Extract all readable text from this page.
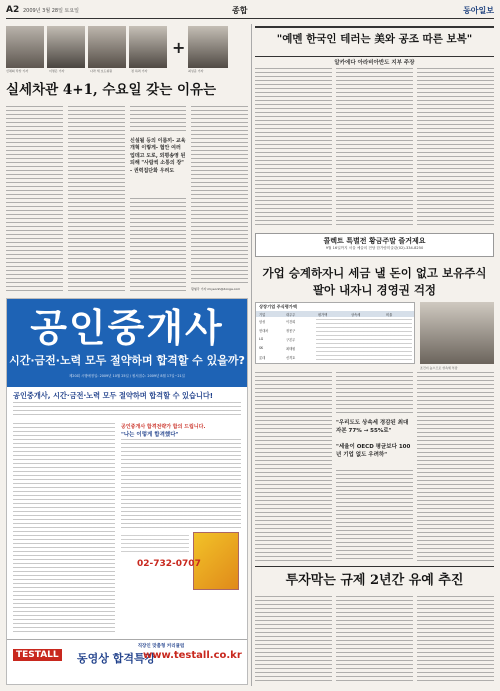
A2 2009년 3월 28일 토요일	종합	동아일보
+
신채희 탁상 기자	이명은 기자	나라 세 보도위원	정 하려 기자	최성준 기자
실세차관 4+1, 수요일 갖는 이유는
신설될 등의 이름끼- 교육개혁 이렇게- 협안 여러 업데고 도로, 외평송영 된 되해 "사람씩 소통의 장" - 권력집단화 우려도
황형각 기자 miyeonh@donga.com
공인중개사
시간·금전·노력 모두 절약하며 합격할 수 있을까?
제20회 시행예정일: 2009년 10월 25일 / 원서접수: 2009년 8월 17일~21일
공인중개사, 시간·금전·노력 모두 절약하며 합격할 수 있습니다!
공인중개사 합격전략가 합의 드립니다.
"나는 이렇게 합격했다"
02-732-0707
TESTALL
직장인 맞춤형 커리큘럼
동영상 합격특강
www.testall.co.kr
"예멘 한국인 테러는 美와 공조 따른 보복"
알카에다 아라비아반도 지부 주장
콜렉트 특별전 황금주말 즐거제요
9월 16일까지 서울 예술의 전당 한가람미술관(02)-334-8250
가업 승계하자니 세금 낼 돈이 없고 보유주식 팔아 내자니 경영권 걱정
상장기업 주식평가액
기업	대주주	평가액	상속세	비율
삼성	이건희
현대차	정몽구
LG	구본무
SK	최태원
롯데	신격호
조건이 높으므로 상속세 부담
"우리도도 상속세 경감된 최대 자본 77% → 55%로"
"세율이 OECD 평균보다 100년 기업 없도 우려하"
투자막는 규제 2년간 유예 추진
